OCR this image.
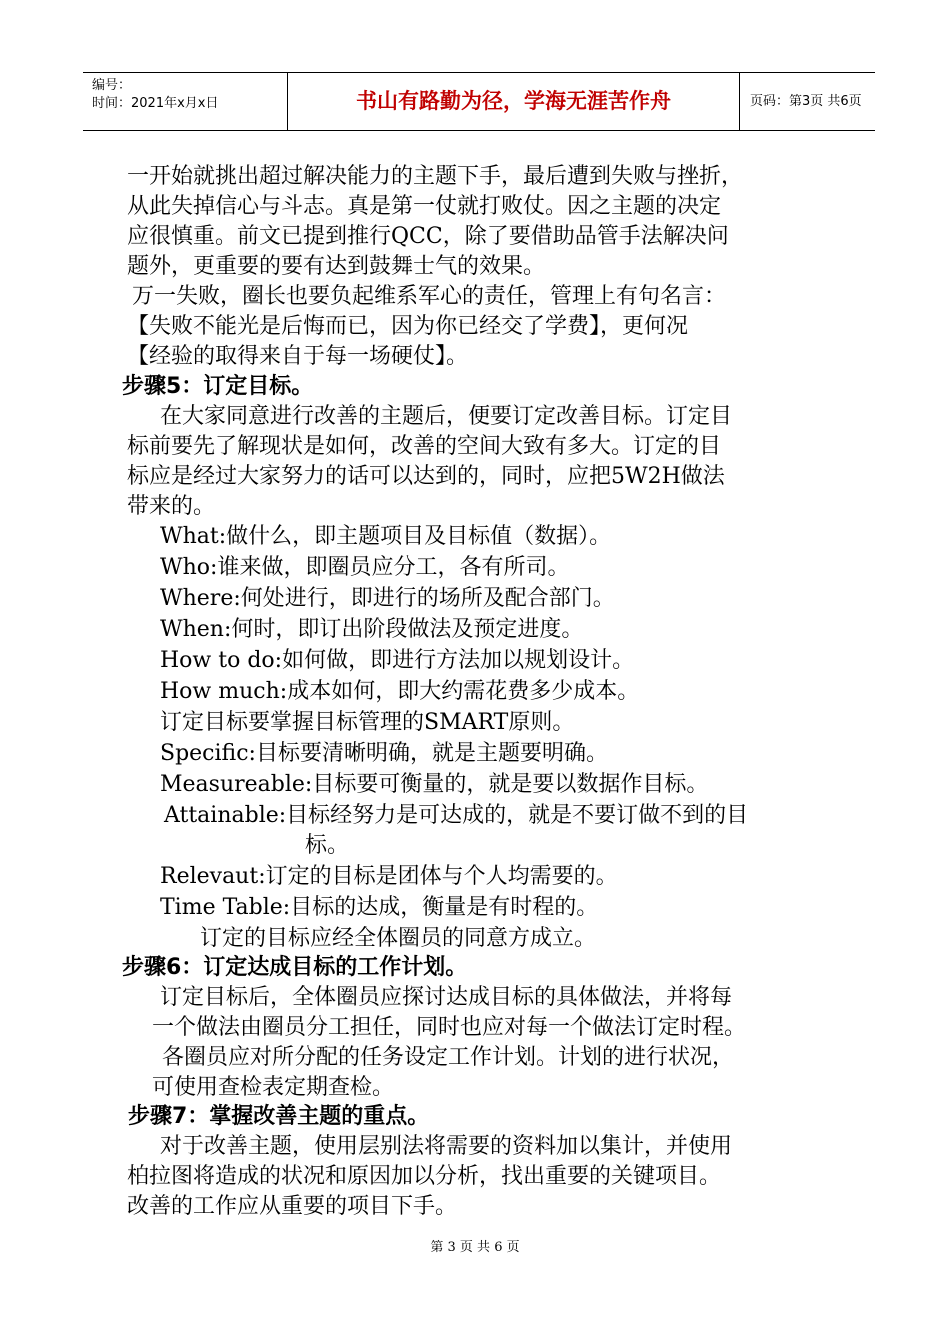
编号：
时间：2021年x月x日	书山有路勤为径，学海无涯苦作舟	页码：第3页 共6页
一开始就挑出超过解决能力的主题下手，最后遭到失败与挫折，
从此失掉信心与斗志。真是第一仗就打败仗。因之主题的决定
应很慎重。前文已提到推行QCC，除了要借助品管手法解决问
题外，更重要的要有达到鼓舞士气的效果。
万一失败，圈长也要负起维系军心的责任，管理上有句名言：
【失败不能光是后悔而已，因为你已经交了学费】，更何况
【经验的取得来自于每一场硬仗】。
步骤5：订定目标。
在大家同意进行改善的主题后，便要订定改善目标。订定目
标前要先了解现状是如何，改善的空间大致有多大。订定的目
标应是经过大家努力的话可以达到的，同时，应把5W2H做法
带来的。
What:做什么，即主题项目及目标值（数据）。
Who:谁来做，即圈员应分工，各有所司。
Where:何处进行，即进行的场所及配合部门。
When:何时，即订出阶段做法及预定进度。
How to do:如何做，即进行方法加以规划设计。
How much:成本如何，即大约需花费多少成本。
订定目标要掌握目标管理的SMART原则。
Specific:目标要清晰明确，就是主题要明确。
Measureable:目标要可衡量的，就是要以数据作目标。
Attainable:目标经努力是可达成的，就是不要订做不到的目
标。
Relevaut:订定的目标是团体与个人均需要的。
Time Table:目标的达成，衡量是有时程的。
订定的目标应经全体圈员的同意方成立。
步骤6：订定达成目标的工作计划。
订定目标后，全体圈员应探讨达成目标的具体做法，并将每
一个做法由圈员分工担任，同时也应对每一个做法订定时程。
各圈员应对所分配的任务设定工作计划。计划的进行状况，
可使用查检表定期查检。
步骤7：掌握改善主题的重点。
对于改善主题，使用层别法将需要的资料加以集计，并使用
柏拉图将造成的状况和原因加以分析，找出重要的关键项目。
改善的工作应从重要的项目下手。
第 3 页 共 6 页
